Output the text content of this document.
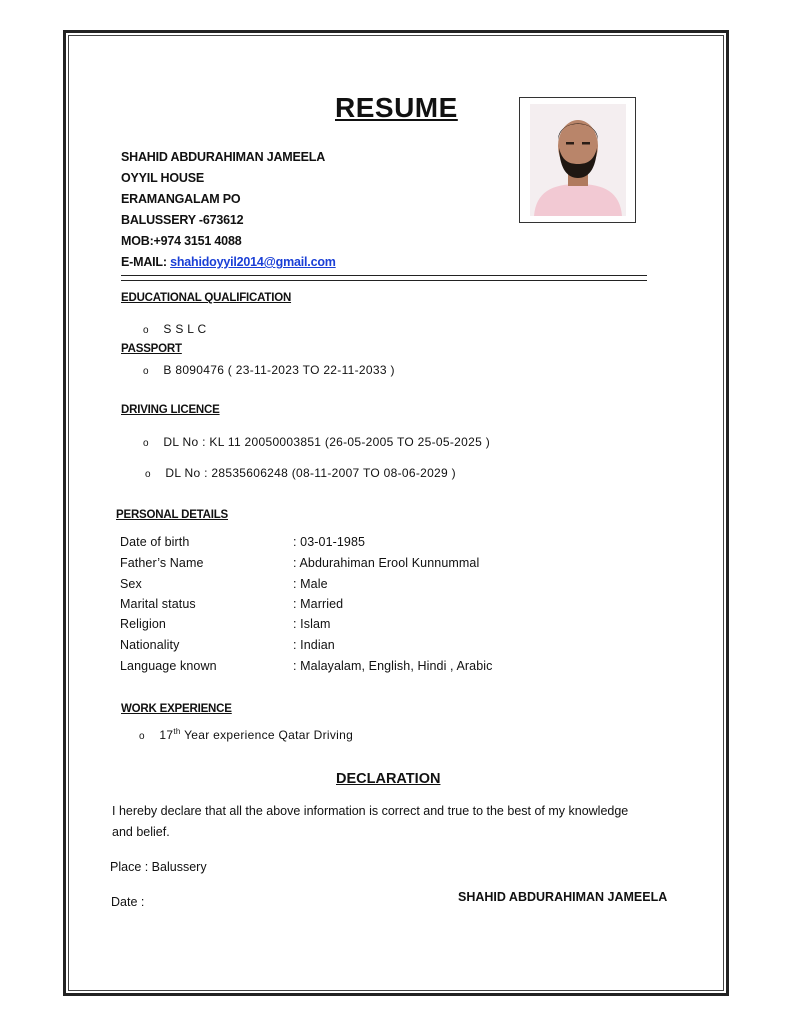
RESUME
SHAHID ABDURAHIMAN JAMEELA
OYYIL HOUSE
ERAMANGALAM PO
BALUSSERY -673612
MOB:+974 3151 4088
E-MAIL: shahidoyyil2014@gmail.com
EDUCATIONAL QUALIFICATION
o S S L C
PASSPORT
o B 8090476 ( 23-11-2023 TO 22-11-2033 )
DRIVING LICENCE
o DL No : KL 11 20050003851 (26-05-2005 TO 25-05-2025 )
o DL No : 28535606248 (08-11-2007 TO 08-06-2029 )
PERSONAL DETAILS
Date of birth	: 03-01-1985
Father’s Name	: Abdurahiman Erool Kunnummal
Sex	: Male
Marital status	: Married
Religion	: Islam
Nationality	: Indian
Language known	: Malayalam, English, Hindi , Arabic
WORK EXPERIENCE
o 17th Year experience Qatar Driving
DECLARATION
I hereby declare that all the above information is correct and true to the best of my knowledge
and belief.
Place : Balussery
Date :	SHAHID ABDURAHIMAN JAMEELA
